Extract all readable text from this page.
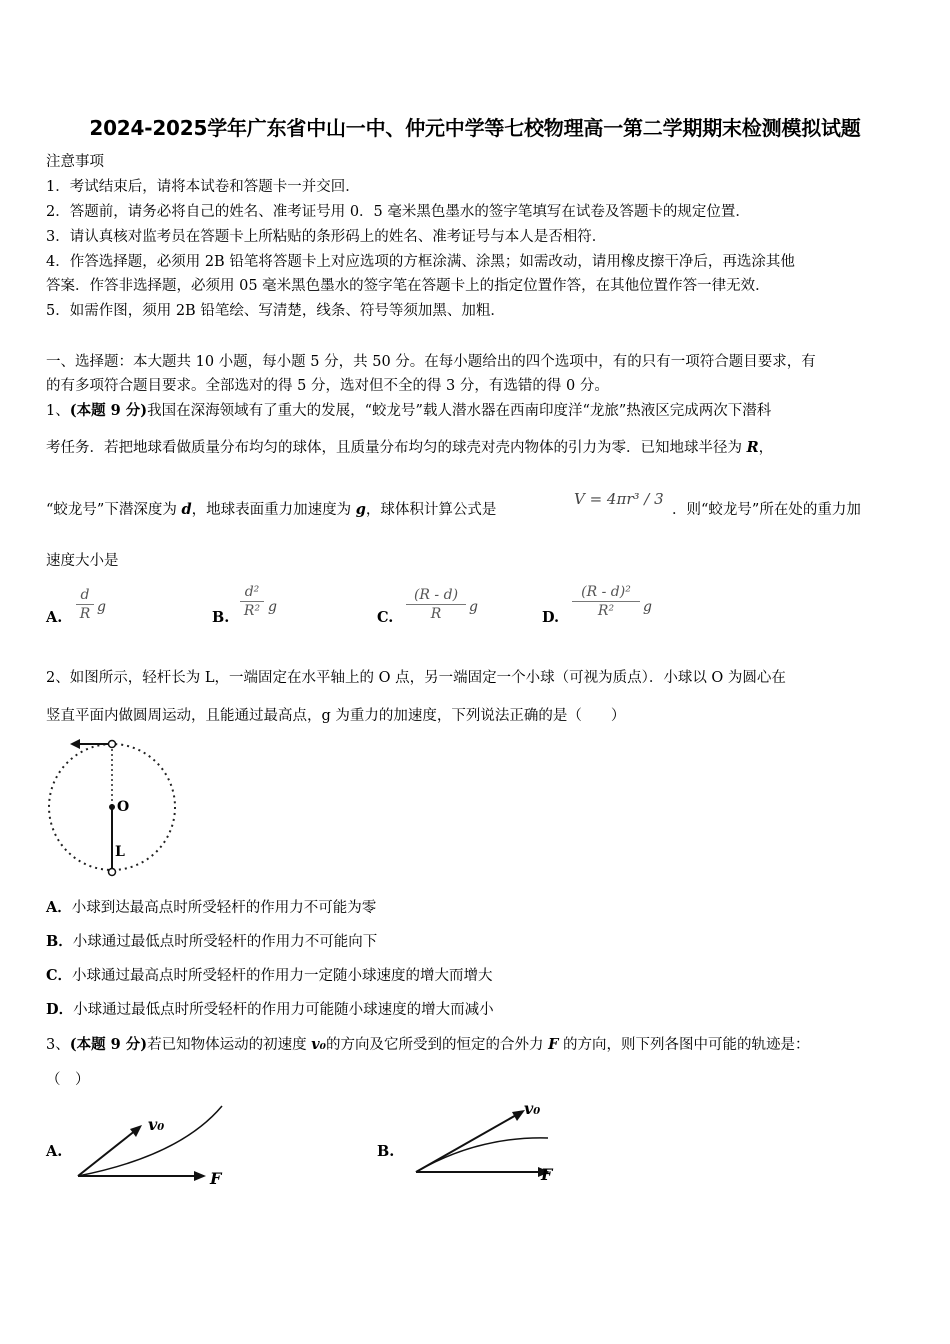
2024-2025学年广东省中山一中、仲元中学等七校物理高一第二学期期末检测模拟试题
注意事项
1．考试结束后，请将本试卷和答题卡一并交回．
2．答题前，请务必将自己的姓名、准考证号用 0．5 毫米黑色墨水的签字笔填写在试卷及答题卡的规定位置．
3．请认真核对监考员在答题卡上所粘贴的条形码上的姓名、准考证号与本人是否相符．
4．作答选择题，必须用 2B 铅笔将答题卡上对应选项的方框涂满、涂黑；如需改动，请用橡皮擦干净后，再选涂其他
答案．作答非选择题，必须用 05 毫米黑色墨水的签字笔在答题卡上的指定位置作答，在其他位置作答一律无效．
5．如需作图，须用 2B 铅笔绘、写清楚，线条、符号等须加黑、加粗．
一、选择题：本大题共 10 小题，每小题 5 分，共 50 分。在每小题给出的四个选项中，有的只有一项符合题目要求，有
的有多项符合题目要求。全部选对的得 5 分，选对但不全的得 3 分，有选错的得 0 分。
1、(本题 9 分)我国在深海领域有了重大的发展，“蛟龙号”载人潜水器在西南印度洋“龙旅”热液区完成两次下潜科
考任务．若把地球看做质量分布均匀的球体，且质量分布均匀的球壳对壳内物体的引力为零．已知地球半径为 R，
“蛟龙号”下潜深度为 d，地球表面重力加速度为 g，球体积计算公式是
V = 4πr³ / 3
．则“蛟龙号”所在处的重力加
速度大小是
A.
d
R g
B.
d²
R² g
C.
(R - d)
R	g
D.
(R - d)²
R²	g
2、如图所示，轻杆长为 L，一端固定在水平轴上的 O 点，另一端固定一个小球（可视为质点）．小球以 O 为圆心在
竖直平面内做圆周运动，且能通过最高点，g 为重力的加速度，下列说法正确的是（　　）
O
L
A．小球到达最高点时所受轻杆的作用力不可能为零
B．小球通过最低点时所受轻杆的作用力不可能向下
C．小球通过最高点时所受轻杆的作用力一定随小球速度的增大而增大
D．小球通过最低点时所受轻杆的作用力可能随小球速度的增大而减小
3、(本题 9 分)若已知物体运动的初速度 v₀的方向及它所受到的恒定的合外力 F 的方向，则下列各图中可能的轨迹是：
（　）
A.
v₀
F
B.
v₀
F
